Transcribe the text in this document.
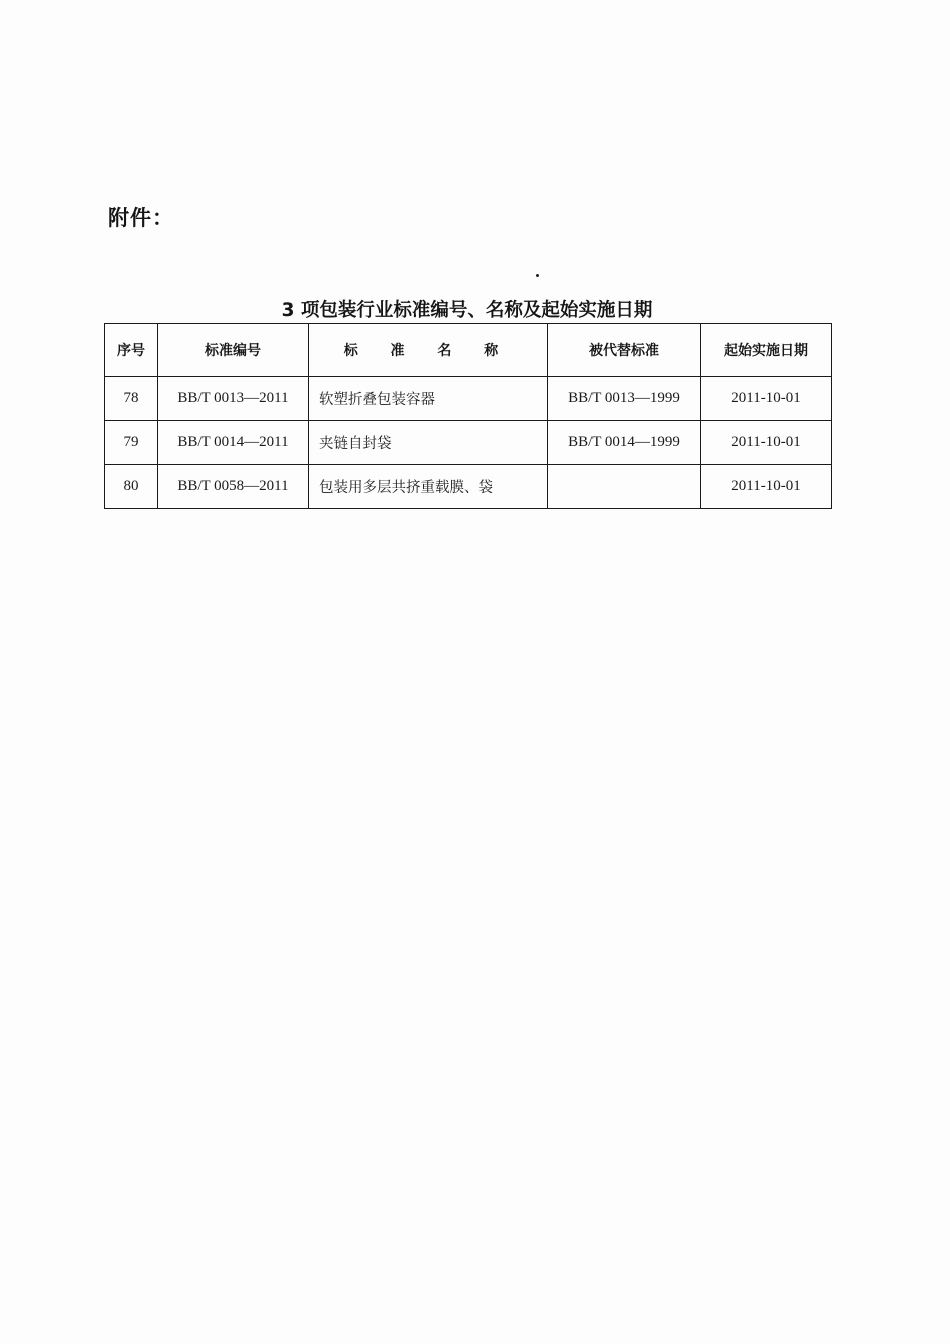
附件：
3 项包装行业标准编号、名称及起始实施日期
序号	标准编号	标 准 名 称	被代替标准	起始实施日期
78	BB/T 0013—2011	软塑折叠包装容器	BB/T 0013—1999	2011-10-01
79	BB/T 0014—2011	夹链自封袋	BB/T 0014—1999	2011-10-01
80	BB/T 0058—2011	包装用多层共挤重载膜、袋		2011-10-01
